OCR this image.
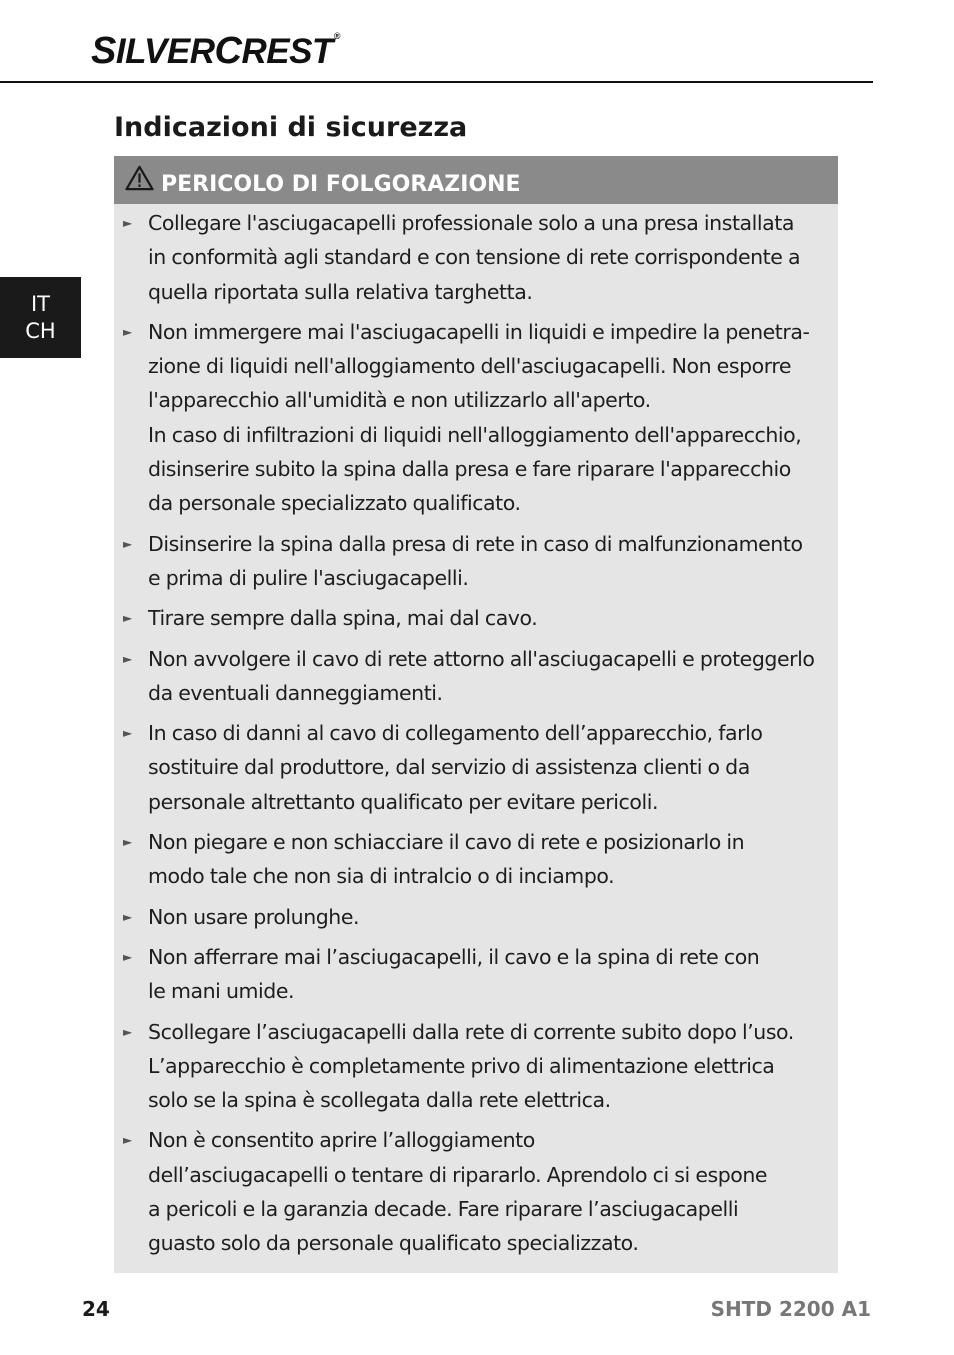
SILVERCREST®
Indicazioni di sicurezza
IT
CH
PERICOLO DI FOLGORAZIONE
► Collegare l'asciugacapelli professionale solo a una presa installata
in conformità agli standard e con tensione di rete corrispondente a
quella riportata sulla relativa targhetta.
► Non immergere mai l'asciugacapelli in liquidi e impedire la penetra-
zione di liquidi nell'alloggiamento dell'asciugacapelli. Non esporre
l'apparecchio all'umidità e non utilizzarlo all'aperto.
In caso di infiltrazioni di liquidi nell'alloggiamento dell'apparecchio,
disinserire subito la spina dalla presa e fare riparare l'apparecchio
da personale specializzato qualificato.
► Disinserire la spina dalla presa di rete in caso di malfunzionamento
e prima di pulire l'asciugacapelli.
► Tirare sempre dalla spina, mai dal cavo.
► Non avvolgere il cavo di rete attorno all'asciugacapelli e proteggerlo
da eventuali danneggiamenti.
► In caso di danni al cavo di collegamento dell’apparecchio, farlo
sostituire dal produttore, dal servizio di assistenza clienti o da
personale altrettanto qualificato per evitare pericoli.
► Non piegare e non schiacciare il cavo di rete e posizionarlo in
modo tale che non sia di intralcio o di inciampo.
► Non usare prolunghe.
► Non afferrare mai l’asciugacapelli, il cavo e la spina di rete con
le mani umide.
► Scollegare l’asciugacapelli dalla rete di corrente subito dopo l’uso.
L’apparecchio è completamente privo di alimentazione elettrica
solo se la spina è scollegata dalla rete elettrica.
► Non è consentito aprire l’alloggiamento
dell’asciugacapelli o tentare di ripararlo. Aprendolo ci si espone
a pericoli e la garanzia decade. Fare riparare l’asciugacapelli
guasto solo da personale qualificato specializzato.
24	SHTD 2200 A1
